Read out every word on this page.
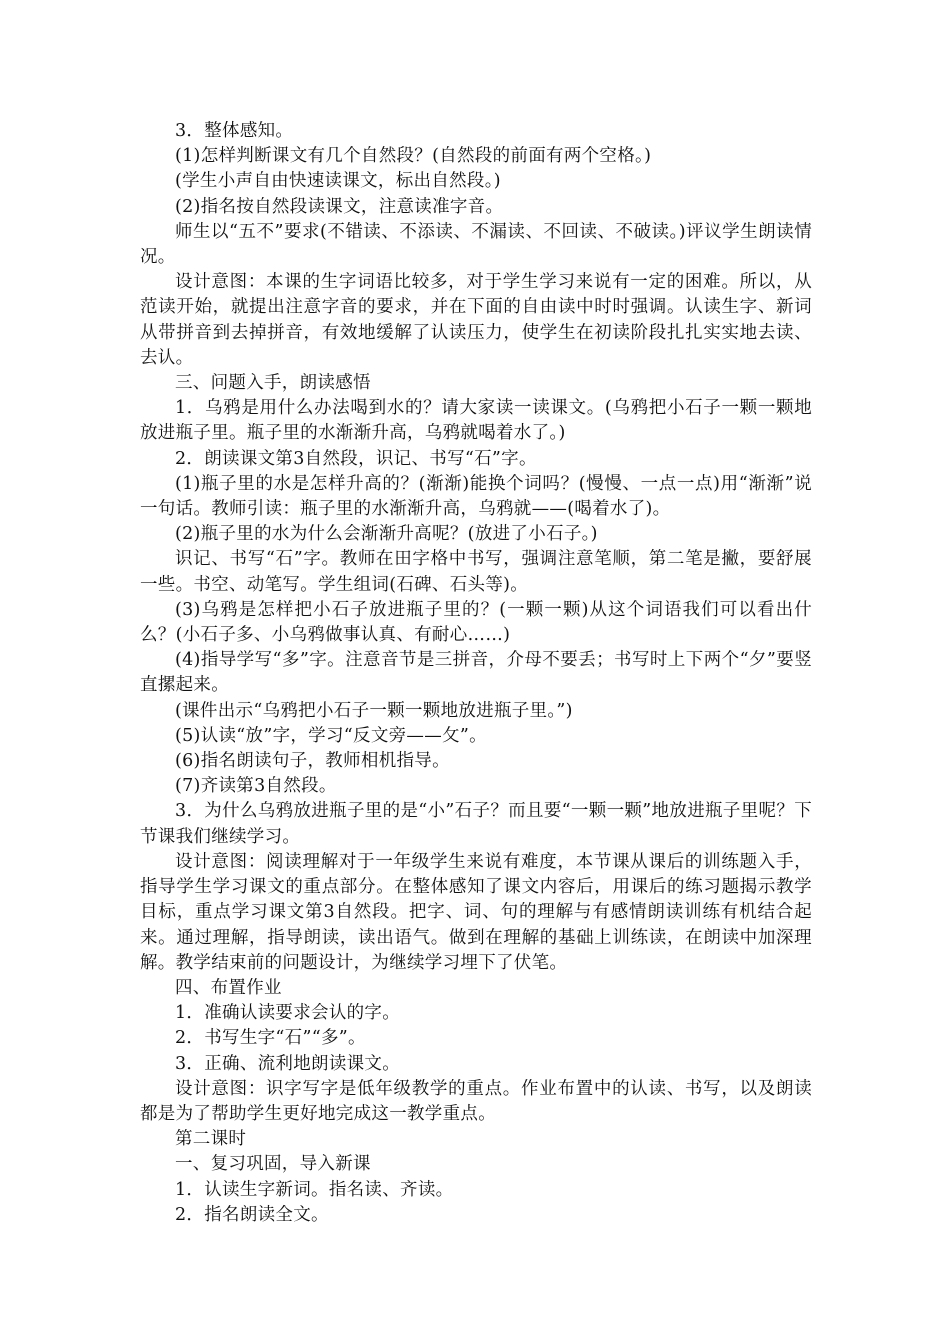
3．整体感知。

(1)怎样判断课文有几个自然段？(自然段的前面有两个空格。)

(学生小声自由快速读课文，标出自然段。)

(2)指名按自然段读课文，注意读准字音。

师生以“五不”要求(不错读、不添读、不漏读、不回读、不破读。)评议学生朗读情况。

设计意图：本课的生字词语比较多，对于学生学习来说有一定的困难。所以，从范读开始，就提出注意字音的要求，并在下面的自由读中时时强调。认读生字、新词从带拼音到去掉拼音，有效地缓解了认读压力，使学生在初读阶段扎扎实实地去读、去认。

三、问题入手，朗读感悟

1．乌鸦是用什么办法喝到水的？请大家读一读课文。(乌鸦把小石子一颗一颗地放进瓶子里。瓶子里的水渐渐升高，乌鸦就喝着水了。)

2．朗读课文第3自然段，识记、书写“石”字。

(1)瓶子里的水是怎样升高的？(渐渐)能换个词吗？(慢慢、一点一点)用“渐渐”说一句话。教师引读：瓶子里的水渐渐升高，乌鸦就——(喝着水了)。

(2)瓶子里的水为什么会渐渐升高呢？(放进了小石子。)

识记、书写“石”字。教师在田字格中书写，强调注意笔顺，第二笔是撇，要舒展一些。书空、动笔写。学生组词(石碑、石头等)。

(3)乌鸦是怎样把小石子放进瓶子里的？(一颗一颗)从这个词语我们可以看出什么？(小石子多、小乌鸦做事认真、有耐心……)

(4)指导学写“多”字。注意音节是三拼音，介母不要丢；书写时上下两个“夕”要竖直摞起来。

(课件出示“乌鸦把小石子一颗一颗地放进瓶子里。”)

(5)认读“放”字，学习“反文旁——攵”。

(6)指名朗读句子，教师相机指导。

(7)齐读第3自然段。

3．为什么乌鸦放进瓶子里的是“小”石子？而且要“一颗一颗”地放进瓶子里呢？下节课我们继续学习。

设计意图：阅读理解对于一年级学生来说有难度，本节课从课后的训练题入手，指导学生学习课文的重点部分。在整体感知了课文内容后，用课后的练习题揭示教学目标，重点学习课文第3自然段。把字、词、句的理解与有感情朗读训练有机结合起来。通过理解，指导朗读，读出语气。做到在理解的基础上训练读，在朗读中加深理解。教学结束前的问题设计，为继续学习埋下了伏笔。

四、布置作业

1．准确认读要求会认的字。

2．书写生字“石”“多”。

3．正确、流利地朗读课文。

设计意图：识字写字是低年级教学的重点。作业布置中的认读、书写，以及朗读都是为了帮助学生更好地完成这一教学重点。

第二课时

一、复习巩固，导入新课

1．认读生字新词。指名读、齐读。

2．指名朗读全文。
